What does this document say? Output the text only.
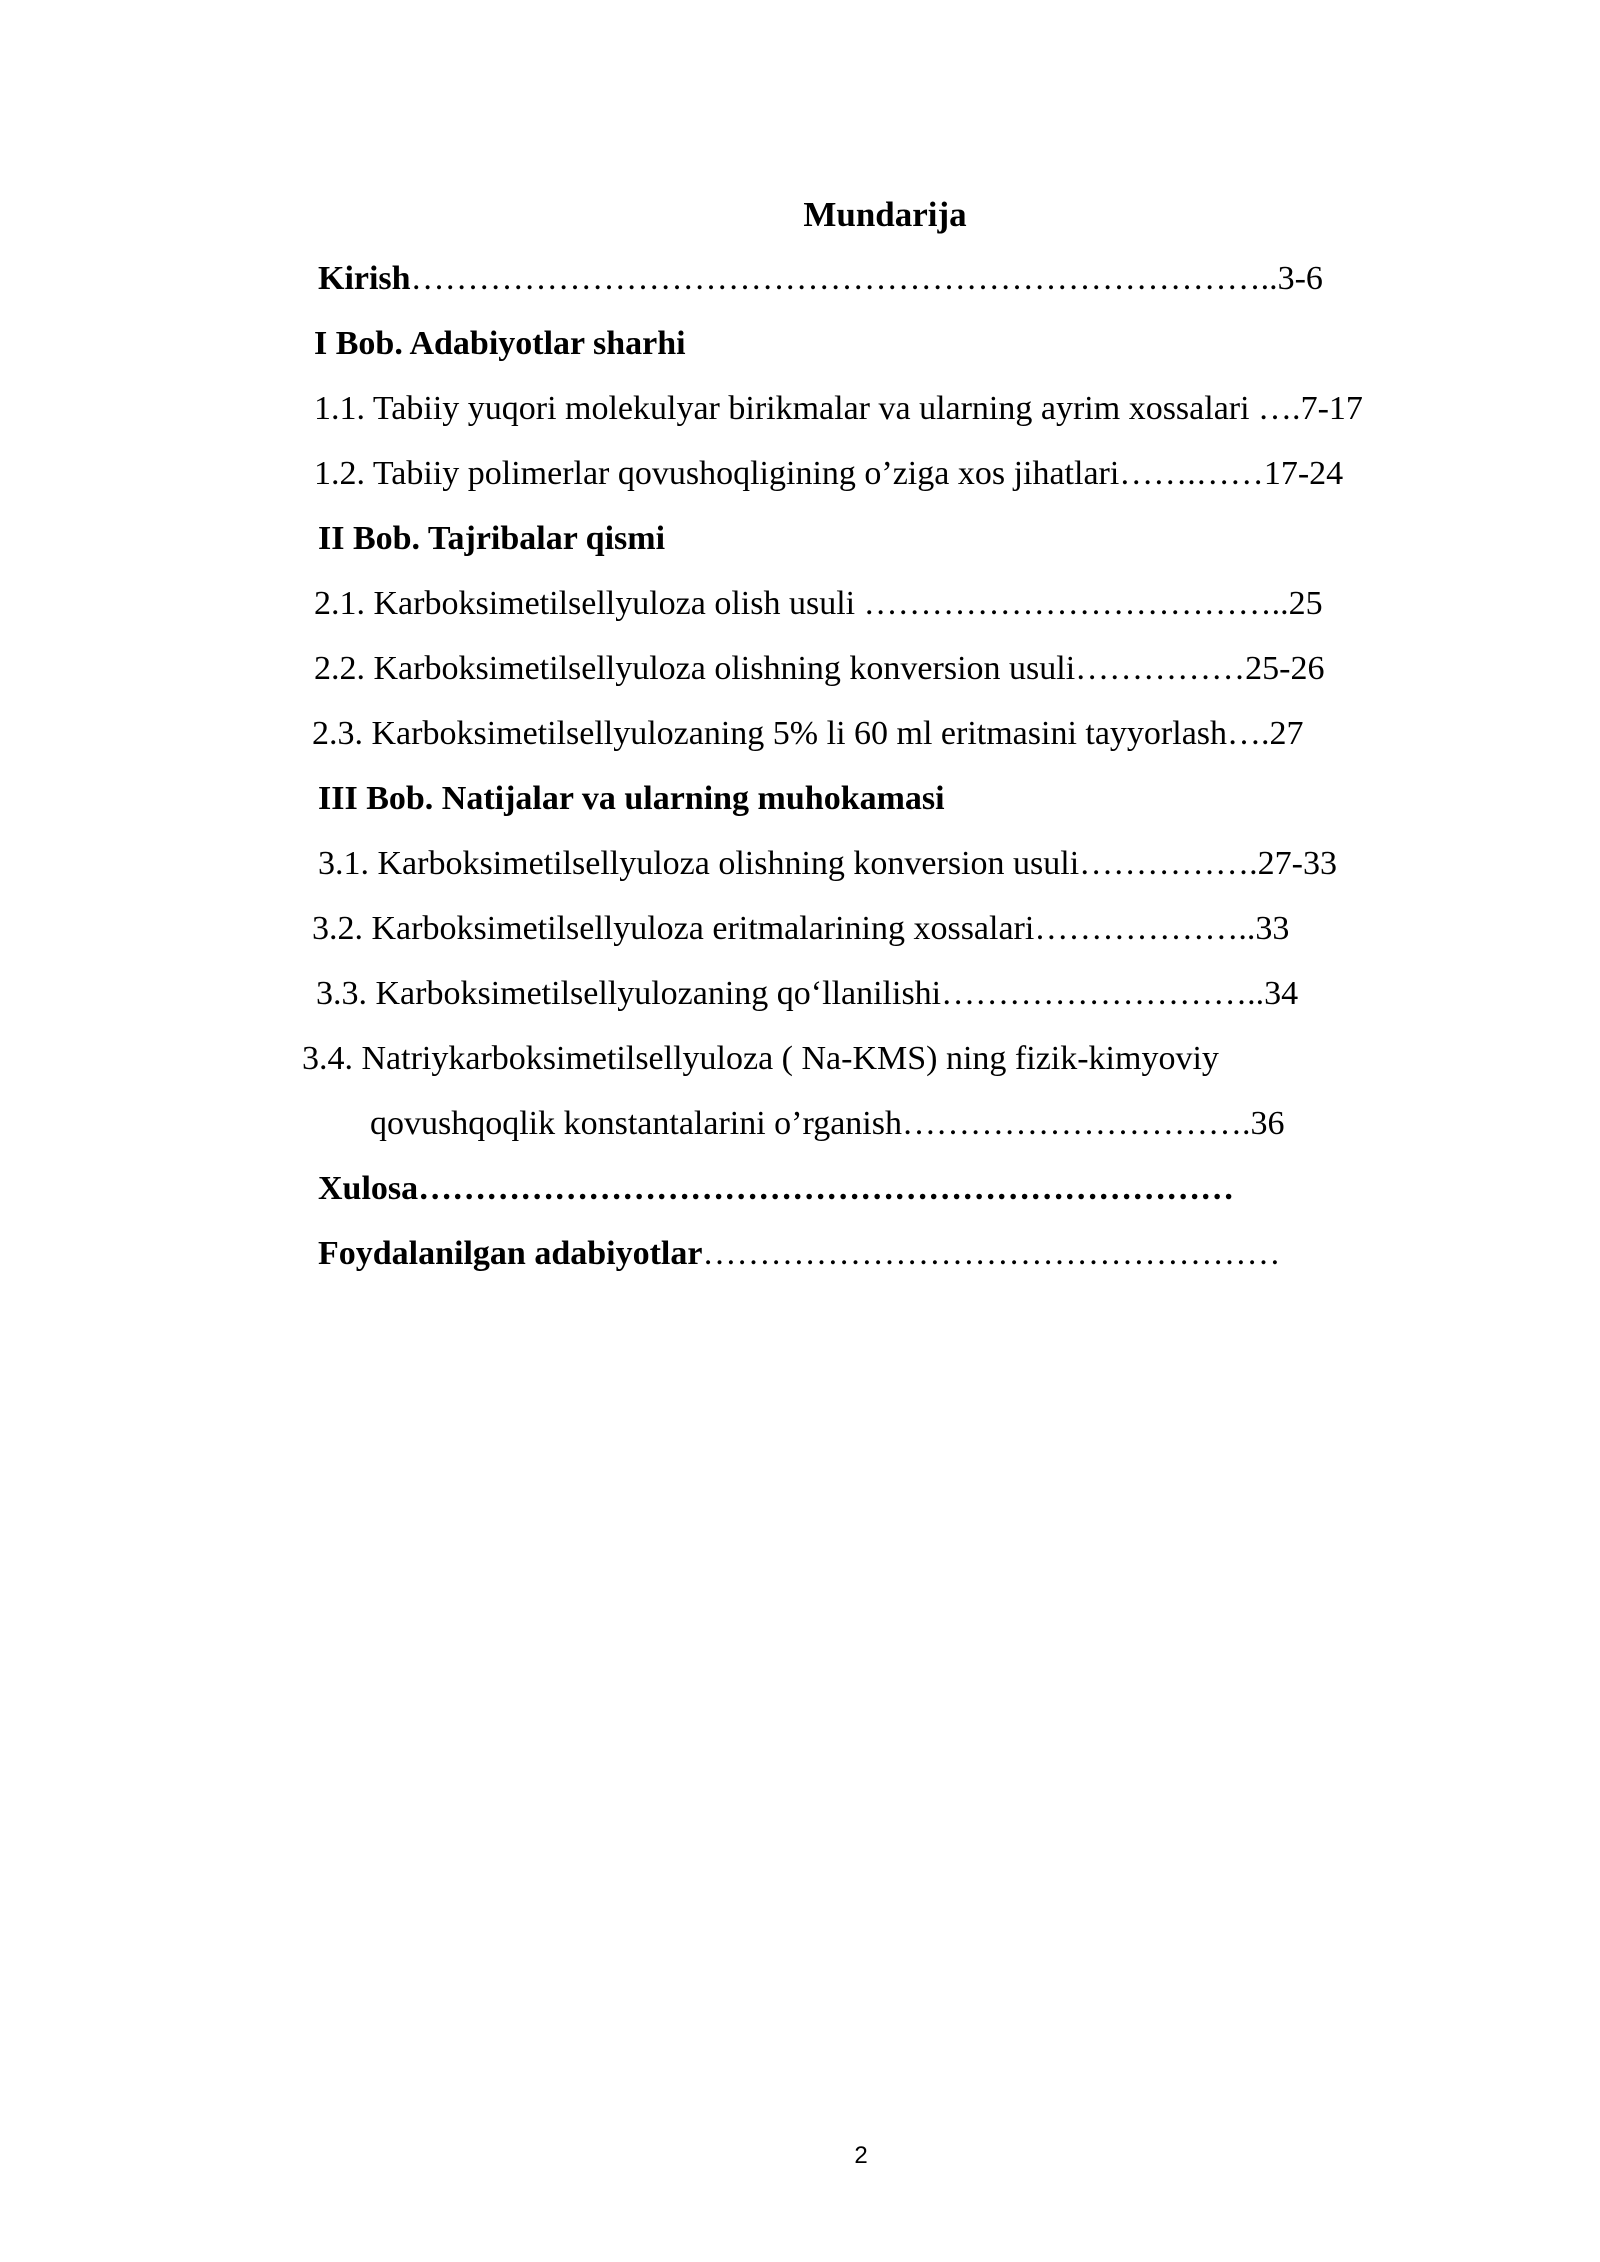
Mundarija
Kirish…………………………………………………………………..3-6
I Bob. Adabiyotlar sharhi
1.1. Tabiiy yuqori molekulyar birikmalar va ularning ayrim xossalari ….7-17
1.2. Tabiiy polimerlar qovushoqligining o’ziga xos jihatlari…….……17-24
II Bob. Tajribalar qismi
2.1. Karboksimetilsellyuloza olish usuli ………………………………..25
2.2. Karboksimetilsellyuloza olishning konversion usuli……………25-26
2.3. Karboksimetilsellyulozaning 5% li 60 ml eritmasini tayyorlash….27
III Bob. Natijalar va ularning muhokamasi
3.1. Karboksimetilsellyuloza olishning konversion usuli…………….27-33
3.2. Karboksimetilsellyuloza eritmalarining xossalari………………..33
3.3. Karboksimetilsellyulozaning qo‘llanilishi………………………..34
3.4. Natriykarboksimetilsellyuloza ( Na-KMS) ning fizik-kimyoviy
qovushqoqlik konstantalarini o’rganish………………………….36
Xulosa………………………………………………………………
Foydalanilgan adabiyotlar……………………………………………
2
